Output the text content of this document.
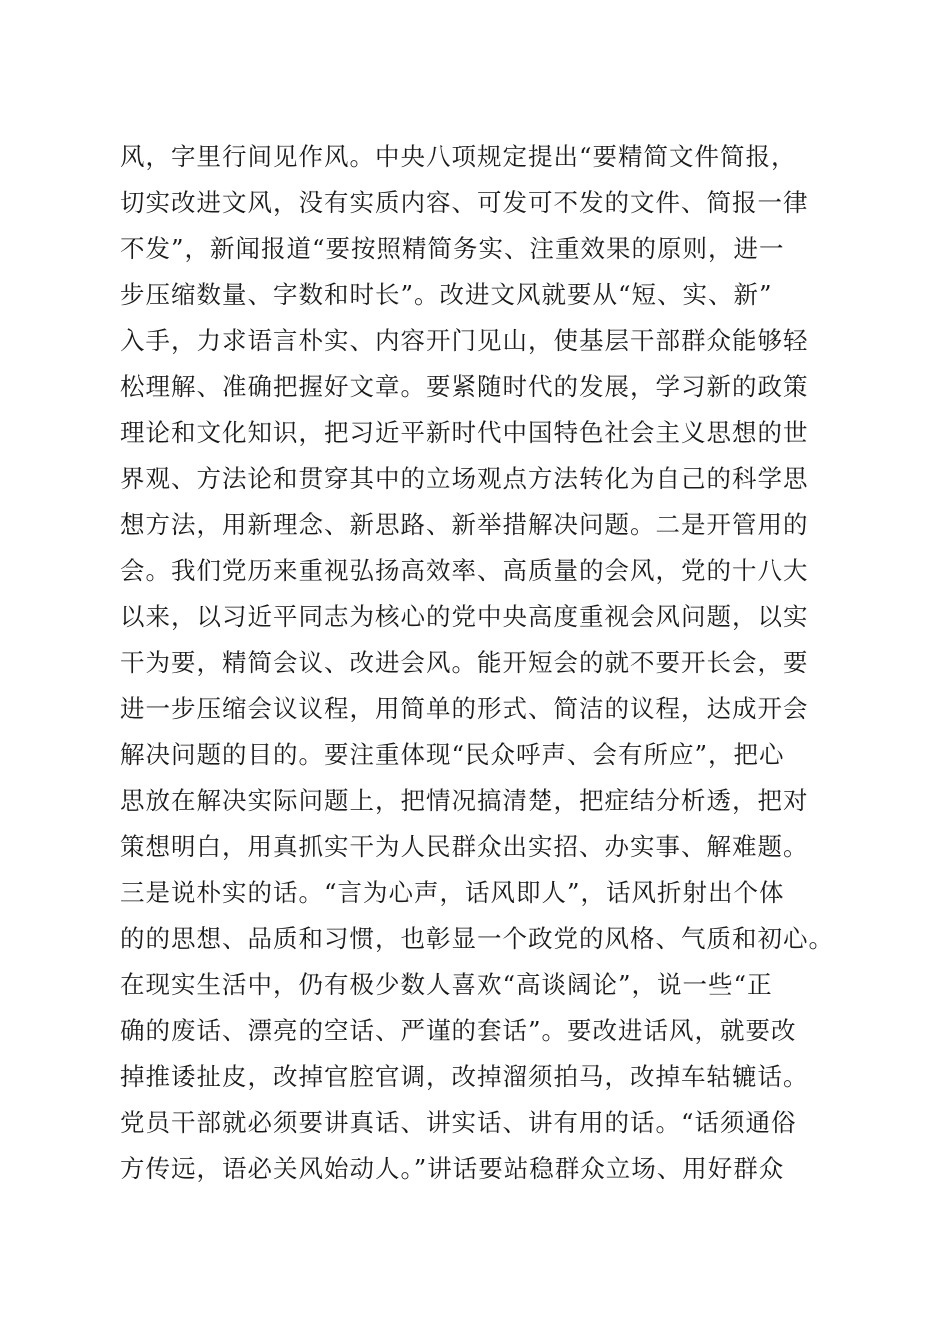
风，字里行间见作风。中央八项规定提出“要精简文件简报，
切实改进文风，没有实质内容、可发可不发的文件、简报一律
不发”，新闻报道“要按照精简务实、注重效果的原则，进一
步压缩数量、字数和时长”。改进文风就要从“短、实、新”
入手，力求语言朴实、内容开门见山，使基层干部群众能够轻
松理解、准确把握好文章。要紧随时代的发展，学习新的政策
理论和文化知识，把习近平新时代中国特色社会主义思想的世
界观、方法论和贯穿其中的立场观点方法转化为自己的科学思
想方法，用新理念、新思路、新举措解决问题。二是开管用的
会。我们党历来重视弘扬高效率、高质量的会风，党的十八大
以来，以习近平同志为核心的党中央高度重视会风问题，以实
干为要，精简会议、改进会风。能开短会的就不要开长会，要
进一步压缩会议议程，用简单的形式、简洁的议程，达成开会
解决问题的目的。要注重体现“民众呼声、会有所应”，把心
思放在解决实际问题上，把情况搞清楚，把症结分析透，把对
策想明白，用真抓实干为人民群众出实招、办实事、解难题。
三是说朴实的话。“言为心声，话风即人”，话风折射出个体
的的思想、品质和习惯，也彰显一个政党的风格、气质和初心。
在现实生活中，仍有极少数人喜欢“高谈阔论”，说一些“正
确的废话、漂亮的空话、严谨的套话”。要改进话风，就要改
掉推诿扯皮，改掉官腔官调，改掉溜须拍马，改掉车轱辘话。
党员干部就必须要讲真话、讲实话、讲有用的话。“话须通俗
方传远，语必关风始动人。”讲话要站稳群众立场、用好群众
